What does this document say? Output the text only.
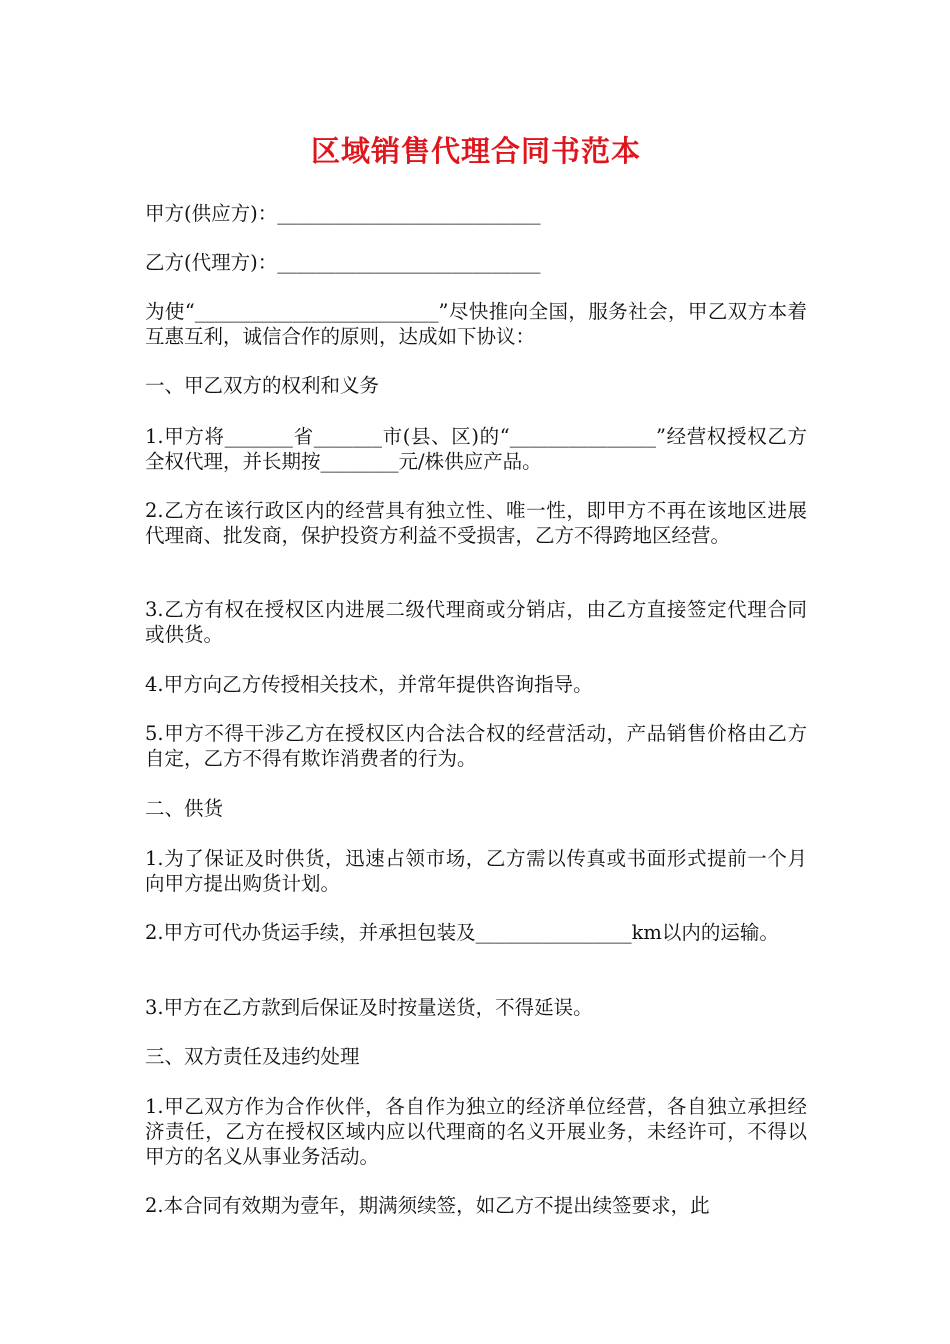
区域销售代理合同书范本

甲方(供应方)：___________________________

乙方(代理方)：___________________________

为使“_________________________”尽快推向全国，服务社会，甲乙双方本着互惠互利，诚信合作的原则，达成如下协议：

一、甲乙双方的权利和义务

1.甲方将_______省_______市(县、区)的“_______________”经营权授权乙方全权代理，并长期按________元/株供应产品。

2.乙方在该行政区内的经营具有独立性、唯一性，即甲方不再在该地区进展代理商、批发商，保护投资方利益不受损害，乙方不得跨地区经营。

3.乙方有权在授权区内进展二级代理商或分销店，由乙方直接签定代理合同或供货。

4.甲方向乙方传授相关技术，并常年提供咨询指导。

5.甲方不得干涉乙方在授权区内合法合权的经营活动，产品销售价格由乙方自定，乙方不得有欺诈消费者的行为。

二、供货

1.为了保证及时供货，迅速占领市场，乙方需以传真或书面形式提前一个月向甲方提出购货计划。

2.甲方可代办货运手续，并承担包装及________________km以内的运输。

3.甲方在乙方款到后保证及时按量送货，不得延误。

三、双方责任及违约处理

1.甲乙双方作为合作伙伴，各自作为独立的经济单位经营，各自独立承担经济责任，乙方在授权区域内应以代理商的名义开展业务，未经许可，不得以甲方的名义从事业务活动。

2.本合同有效期为壹年，期满须续签，如乙方不提出续签要求，此
